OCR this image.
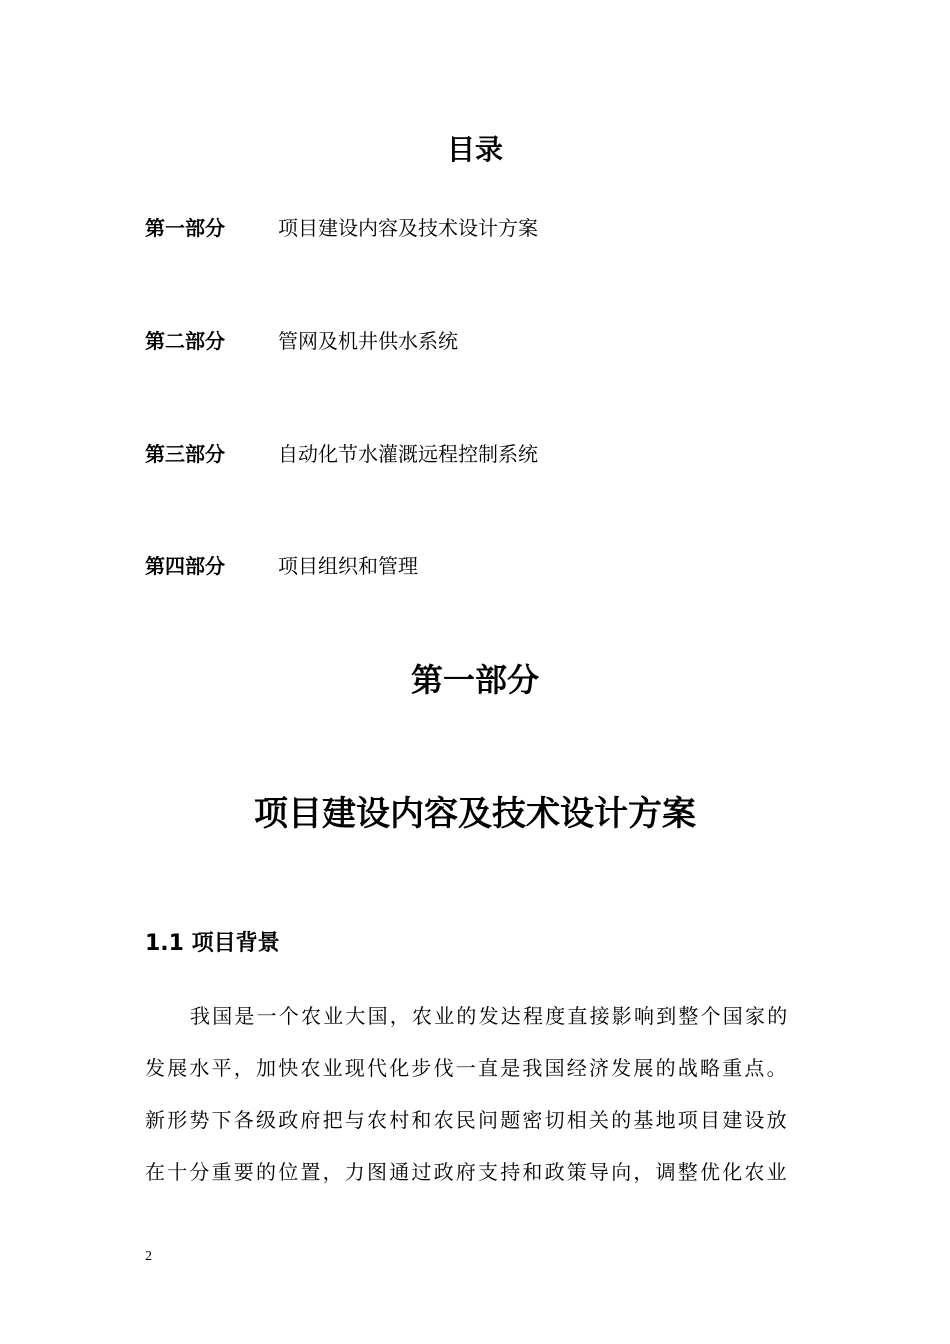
目录
第一部分	项目建设内容及技术设计方案
第二部分	管网及机井供水系统
第三部分	自动化节水灌溉远程控制系统
第四部分	项目组织和管理
第一部分
项目建设内容及技术设计方案
1.1 项目背景
我国是一个农业大国，农业的发达程度直接影响到整个国家的
发展水平，加快农业现代化步伐一直是我国经济发展的战略重点。
新形势下各级政府把与农村和农民问题密切相关的基地项目建设放
在十分重要的位置，力图通过政府支持和政策导向，调整优化农业
2
